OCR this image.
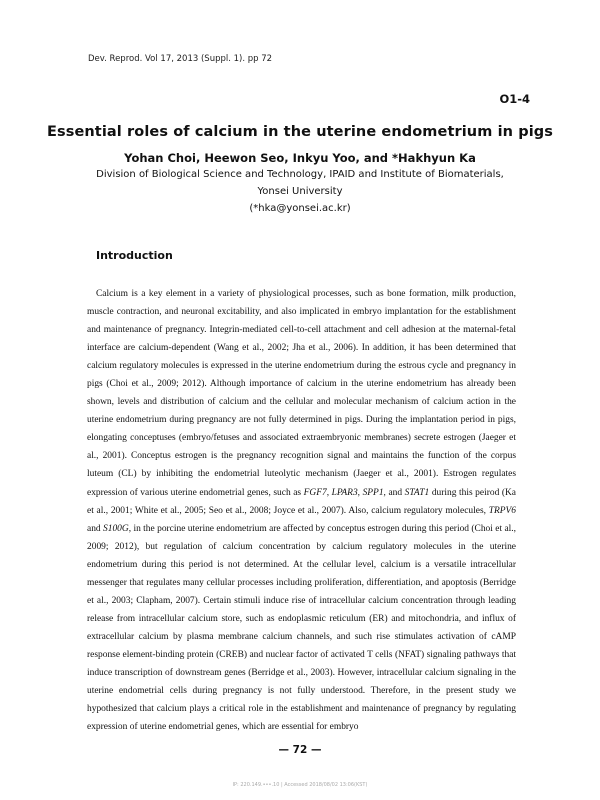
Dev. Reprod. Vol 17, 2013 (Suppl. 1). pp 72
O1-4
Essential roles of calcium in the uterine endometrium in pigs
Yohan Choi, Heewon Seo, Inkyu Yoo, and *Hakhyun Ka
Division of Biological Science and Technology, IPAID and Institute of Biomaterials,
Yonsei University
(*hka@yonsei.ac.kr)
Introduction

Calcium is a key element in a variety of physiological processes, such as bone formation, milk production, muscle contraction, and neuronal excitability, and also implicated in embryo implantation for the establishment and maintenance of pregnancy. Integrin-mediated cell-to-cell attachment and cell adhesion at the maternal-fetal interface are calcium-dependent (Wang et al., 2002; Jha et al., 2006). In addition, it has been determined that calcium regulatory molecules is expressed in the uterine endometrium during the estrous cycle and pregnancy in pigs (Choi et al., 2009; 2012). Although importance of calcium in the uterine endometrium has already been shown, levels and distribution of calcium and the cellular and molecular mechanism of calcium action in the uterine endometrium during pregnancy are not fully determined in pigs. During the implantation period in pigs, elongating conceptuses (embryo/fetuses and associated extraembryonic membranes) secrete estrogen (Jaeger et al., 2001). Conceptus estrogen is the pregnancy recognition signal and maintains the function of the corpus luteum (CL) by inhibiting the endometrial luteolytic mechanism (Jaeger et al., 2001). Estrogen regulates expression of various uterine endometrial genes, such as FGF7, LPAR3, SPP1, and STAT1 during this peirod (Ka et al., 2001; White et al., 2005; Seo et al., 2008; Joyce et al., 2007). Also, calcium regulatory molecules, TRPV6 and S100G, in the porcine uterine endometrium are affected by conceptus estrogen during this period (Choi et al., 2009; 2012), but regulation of calcium concentration by calcium regulatory molecules in the uterine endometrium during this period is not determined. At the cellular level, calcium is a versatile intracellular messenger that regulates many cellular processes including proliferation, differentiation, and apoptosis (Berridge et al., 2003; Clapham, 2007). Certain stimuli induce rise of intracellular calcium concentration through leading release from intracellular calcium store, such as endoplasmic reticulum (ER) and mitochondria, and influx of extracellular calcium by plasma membrane calcium channels, and such rise stimulates activation of cAMP response element-binding protein (CREB) and nuclear factor of activated T cells (NFAT) signaling pathways that induce transcription of downstream genes (Berridge et al., 2003). However, intracellular calcium signaling in the uterine endometrial cells during pregnancy is not fully understood. Therefore, in the present study we hypothesized that calcium plays a critical role in the establishment and maintenance of pregnancy by regulating expression of uterine endometrial genes, which are essential for embryo

— 72 —
IP: 220.149.•••.10 | Accessed 2018/08/02 13:06(KST)
